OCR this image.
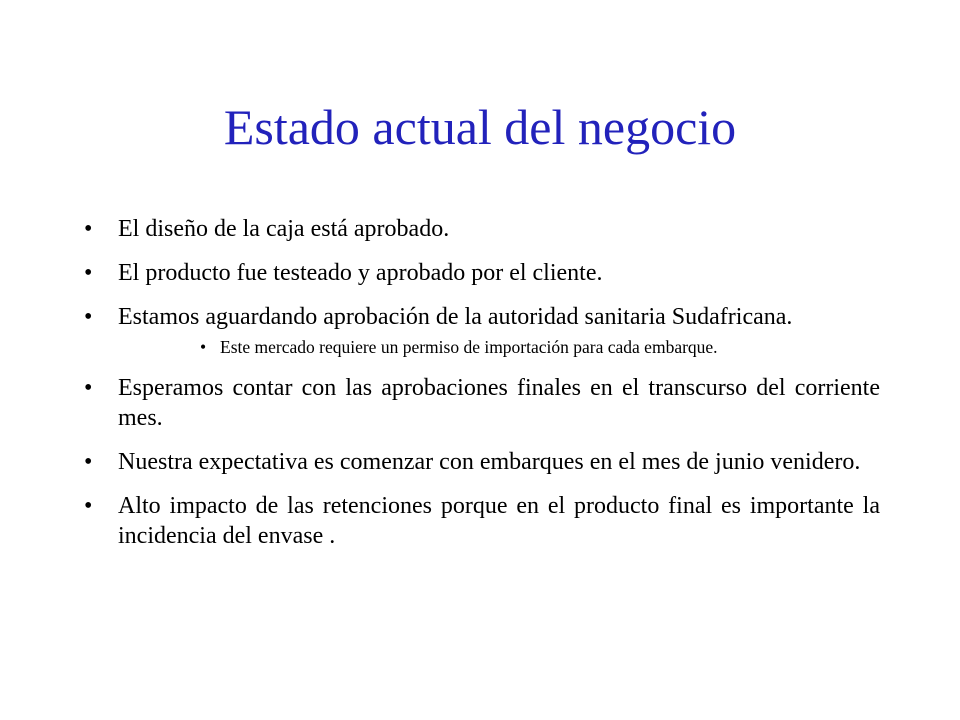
Estado actual del negocio
• El diseño de la caja está aprobado.
• El producto fue testeado y aprobado por el cliente.
• Estamos aguardando aprobación de la autoridad sanitaria Sudafricana.
• Este mercado requiere un permiso de importación para cada embarque.
• Esperamos contar con las aprobaciones finales en el transcurso del corriente mes.
• Nuestra expectativa es comenzar con embarques en el mes de junio venidero.
• Alto impacto de las retenciones porque en el producto final es importante la incidencia del envase .
